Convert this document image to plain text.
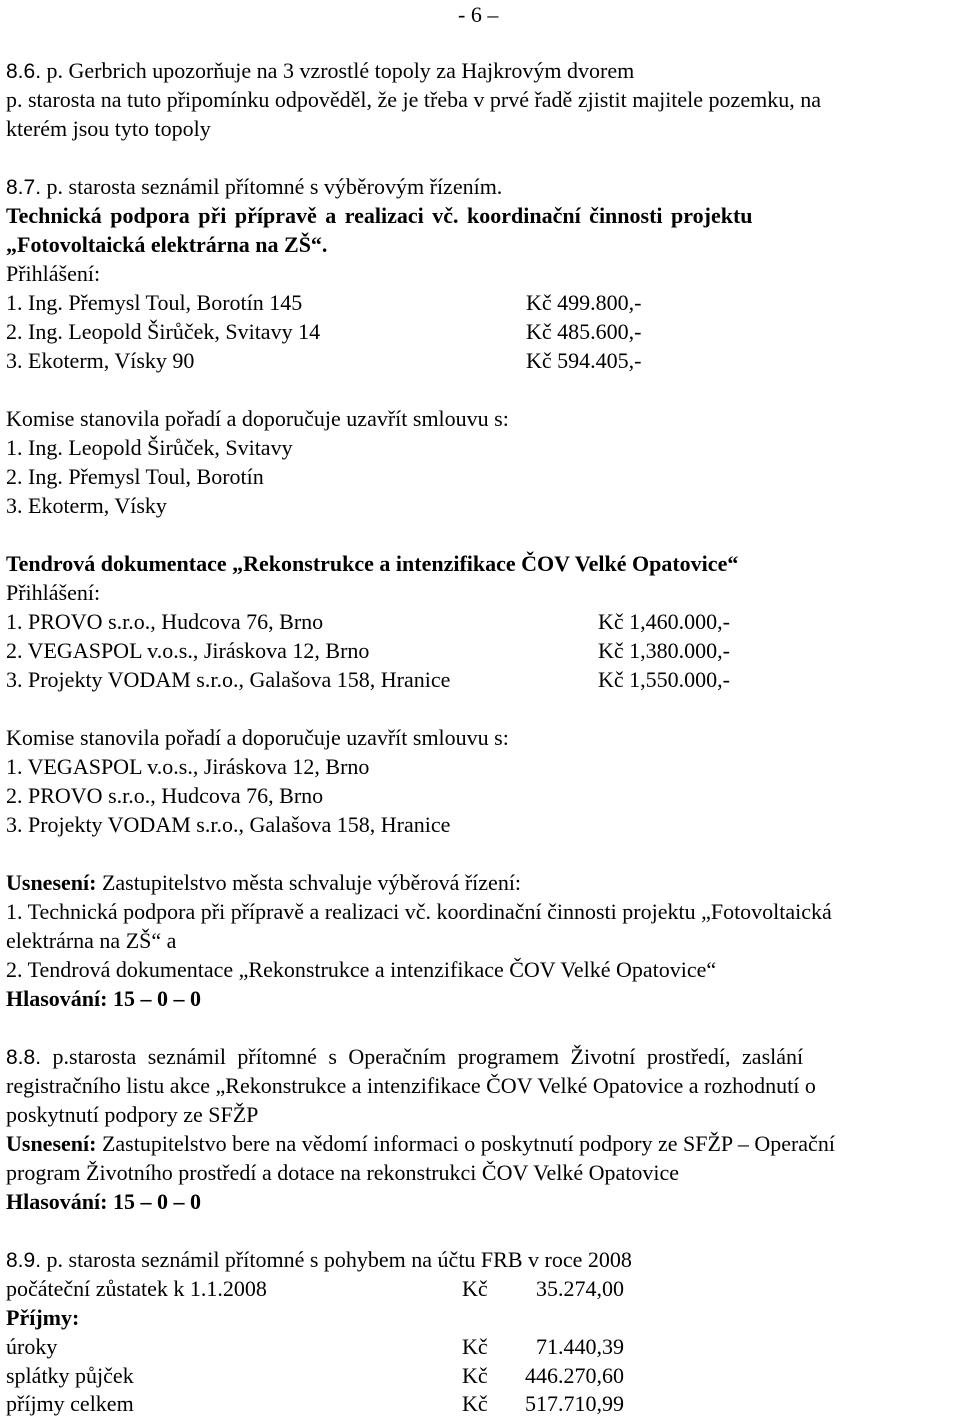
- 6 –
8.6. p. Gerbrich upozorňuje na 3 vzrostlé topoly za Hajkrovým dvorem
p. starosta na tuto připomínku odpověděl, že je třeba v prvé řadě zjistit majitele pozemku, na
kterém jsou tyto topoly
8.7. p. starosta seznámil přítomné s výběrovým řízením.
Technická podpora při přípravě a realizaci vč. koordinační činnosti projektu
„Fotovoltaická elektrárna na ZŠ“.
Přihlášení:
1. Ing. Přemysl Toul, Borotín 145	Kč 499.800,-
2. Ing. Leopold Širůček, Svitavy 14	Kč 485.600,-
3. Ekoterm, Vísky 90	Kč 594.405,-
Komise stanovila pořadí a doporučuje uzavřít smlouvu s:
1. Ing. Leopold Širůček, Svitavy
2. Ing. Přemysl Toul, Borotín
3. Ekoterm, Vísky
Tendrová dokumentace „Rekonstrukce a intenzifikace ČOV Velké Opatovice“
Přihlášení:
1. PROVO s.r.o., Hudcova 76, Brno	Kč 1,460.000,-
2. VEGASPOL v.o.s., Jiráskova 12, Brno	Kč 1,380.000,-
3. Projekty VODAM s.r.o., Galašova 158, Hranice	Kč 1,550.000,-
Komise stanovila pořadí a doporučuje uzavřít smlouvu s:
1. VEGASPOL v.o.s., Jiráskova 12, Brno
2. PROVO s.r.o., Hudcova 76, Brno
3. Projekty VODAM s.r.o., Galašova 158, Hranice
Usnesení: Zastupitelstvo města schvaluje výběrová řízení:
1. Technická podpora při přípravě a realizaci vč. koordinační činnosti projektu „Fotovoltaická
elektrárna na ZŠ“ a
2. Tendrová dokumentace „Rekonstrukce a intenzifikace ČOV Velké Opatovice“
Hlasování: 15 – 0 – 0
8.8. p.starosta seznámil přítomné s Operačním programem Životní prostředí, zaslání
registračního listu akce „Rekonstrukce a intenzifikace ČOV Velké Opatovice a rozhodnutí o
poskytnutí podpory ze SFŽP
Usnesení: Zastupitelstvo bere na vědomí informaci o poskytnutí podpory ze SFŽP – Operační
program Životního prostředí a dotace na rekonstrukci ČOV Velké Opatovice
Hlasování: 15 – 0 – 0
8.9. p. starosta seznámil přítomné s pohybem na účtu FRB v roce 2008
počáteční zůstatek k 1.1.2008	Kč	35.274,00
Příjmy:
úroky	Kč	71.440,39
splátky půjček	Kč	446.270,60
příjmy celkem	Kč	517.710,99
